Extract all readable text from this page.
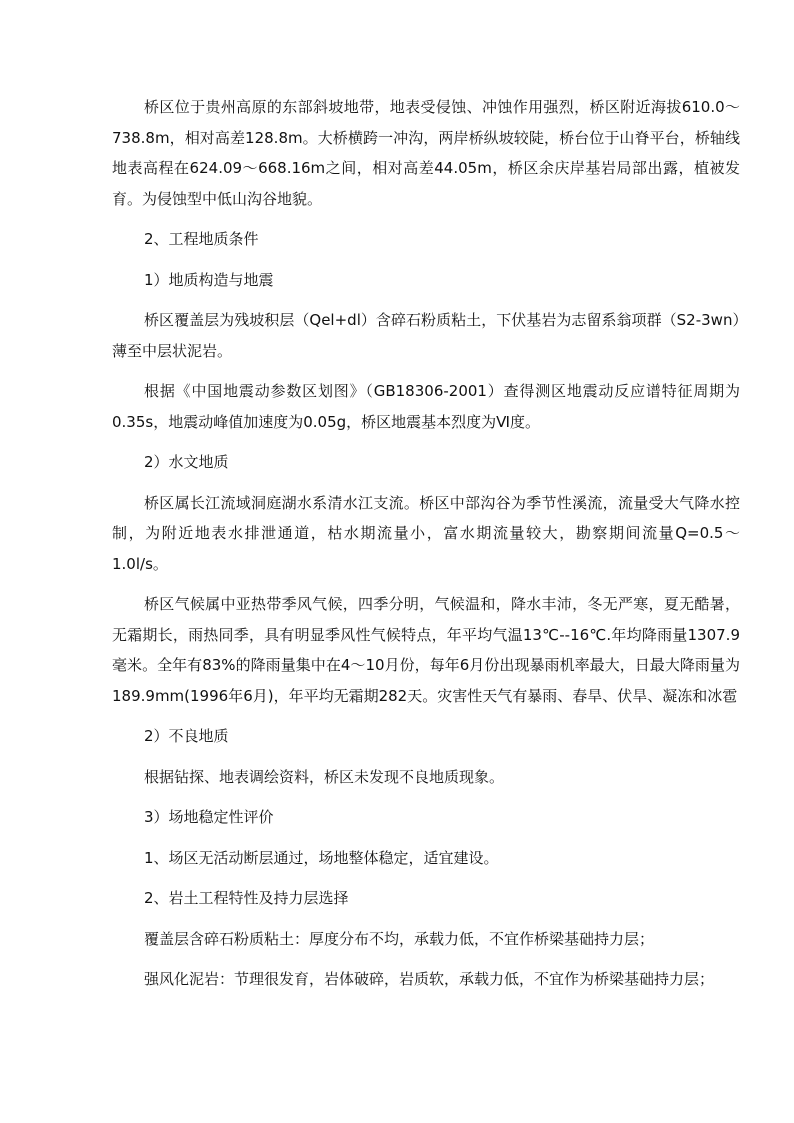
桥区位于贵州高原的东部斜坡地带，地表受侵蚀、冲蚀作用强烈，桥区附近海拔610.0～738.8m，相对高差128.8m。大桥横跨一冲沟，两岸桥纵坡较陡，桥台位于山脊平台，桥轴线地表高程在624.09～668.16m之间，相对高差44.05m，桥区余庆岸基岩局部出露，植被发育。为侵蚀型中低山沟谷地貌。

2、工程地质条件

1）地质构造与地震

桥区覆盖层为残坡积层（Qel+dl）含碎石粉质粘土，下伏基岩为志留系翁项群（S2-3wn）薄至中层状泥岩。

根据《中国地震动参数区划图》（GB18306-2001）查得测区地震动反应谱特征周期为0.35s，地震动峰值加速度为0.05g，桥区地震基本烈度为Ⅵ度。

2）水文地质

桥区属长江流域洞庭湖水系清水江支流。桥区中部沟谷为季节性溪流，流量受大气降水控制，为附近地表水排泄通道，枯水期流量小，富水期流量较大，勘察期间流量Q=0.5～1.0l/s。

桥区气候属中亚热带季风气候，四季分明，气候温和，降水丰沛，冬无严寒，夏无酷暑，无霜期长，雨热同季，具有明显季风性气候特点，年平均气温13℃--16℃.年均降雨量1307.9毫米。全年有83%的降雨量集中在4～10月份，每年6月份出现暴雨机率最大，日最大降雨量为189.9mm(1996年6月)，年平均无霜期282天。灾害性天气有暴雨、春旱、伏旱、凝冻和冰雹

2）不良地质

根据钻探、地表调绘资料，桥区未发现不良地质现象。

3）场地稳定性评价

1、场区无活动断层通过，场地整体稳定，适宜建设。

2、岩土工程特性及持力层选择

覆盖层含碎石粉质粘土：厚度分布不均，承载力低，不宜作桥梁基础持力层；

强风化泥岩：节理很发育，岩体破碎，岩质软，承载力低，不宜作为桥梁基础持力层；
